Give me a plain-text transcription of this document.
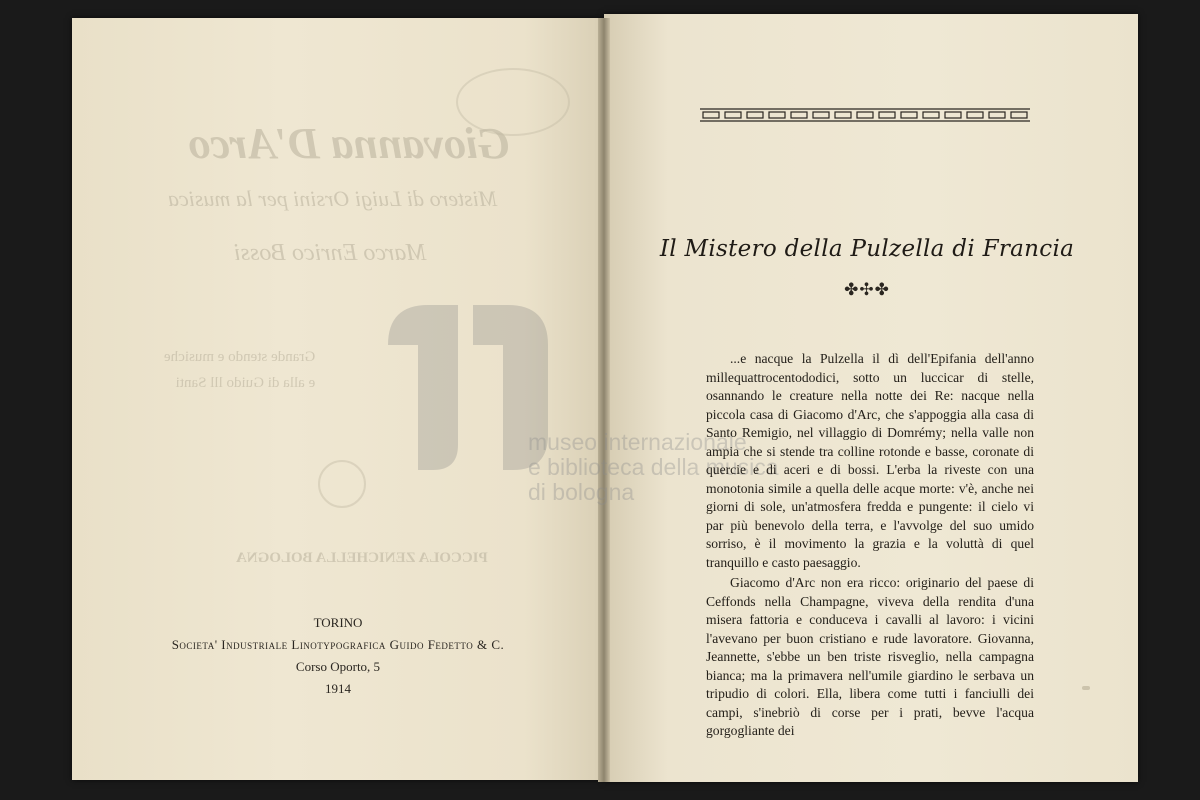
Giovanna D'Arco
Mistero di Luigi Orsini per la musica
Marco Enrico Bossi
Grande stendo e musiche
e alla di Guido lll Santi
PICCOLA ZENICHELLA BOLOGNA
museo internazionale
e biblioteca della musica
di bologna
TORINO
Societa' Industriale Linotypografica Guido Fedetto & C.
Corso Oporto, 5
1914
Il Mistero della Pulzella di Francia
✤✣✤

...e nacque la Pulzella il dì dell'Epifania dell'anno millequattrocentododici, sotto un luccicar di stelle, osannando le creature nella notte dei Re: nacque nella piccola casa di Giacomo d'Arc, che s'appoggia alla casa di Santo Remigio, nel villaggio di Domrémy; nella valle non ampia che si stende tra colline rotonde e basse, coronate di quercie e di aceri e di bossi. L'erba la riveste con una monotonia simile a quella delle acque morte: v'è, anche nei giorni di sole, un'atmosfera fredda e pungente: il cielo vi par più benevolo della terra, e l'avvolge del suo umido sorriso, è il movimento la grazia e la voluttà di quel tranquillo e casto paesaggio.

Giacomo d'Arc non era ricco: originario del paese di Ceffonds nella Champagne, viveva della rendita d'una misera fattoria e conduceva i cavalli al lavoro: i vicini l'avevano per buon cristiano e rude lavoratore. Giovanna, Jeannette, s'ebbe un ben triste risveglio, nella campagna bianca; ma la primavera nell'umile giardino le serbava un tripudio di colori. Ella, libera come tutti i fanciulli dei campi, s'inebriò di corse per i prati, bevve l'acqua gorgogliante dei
